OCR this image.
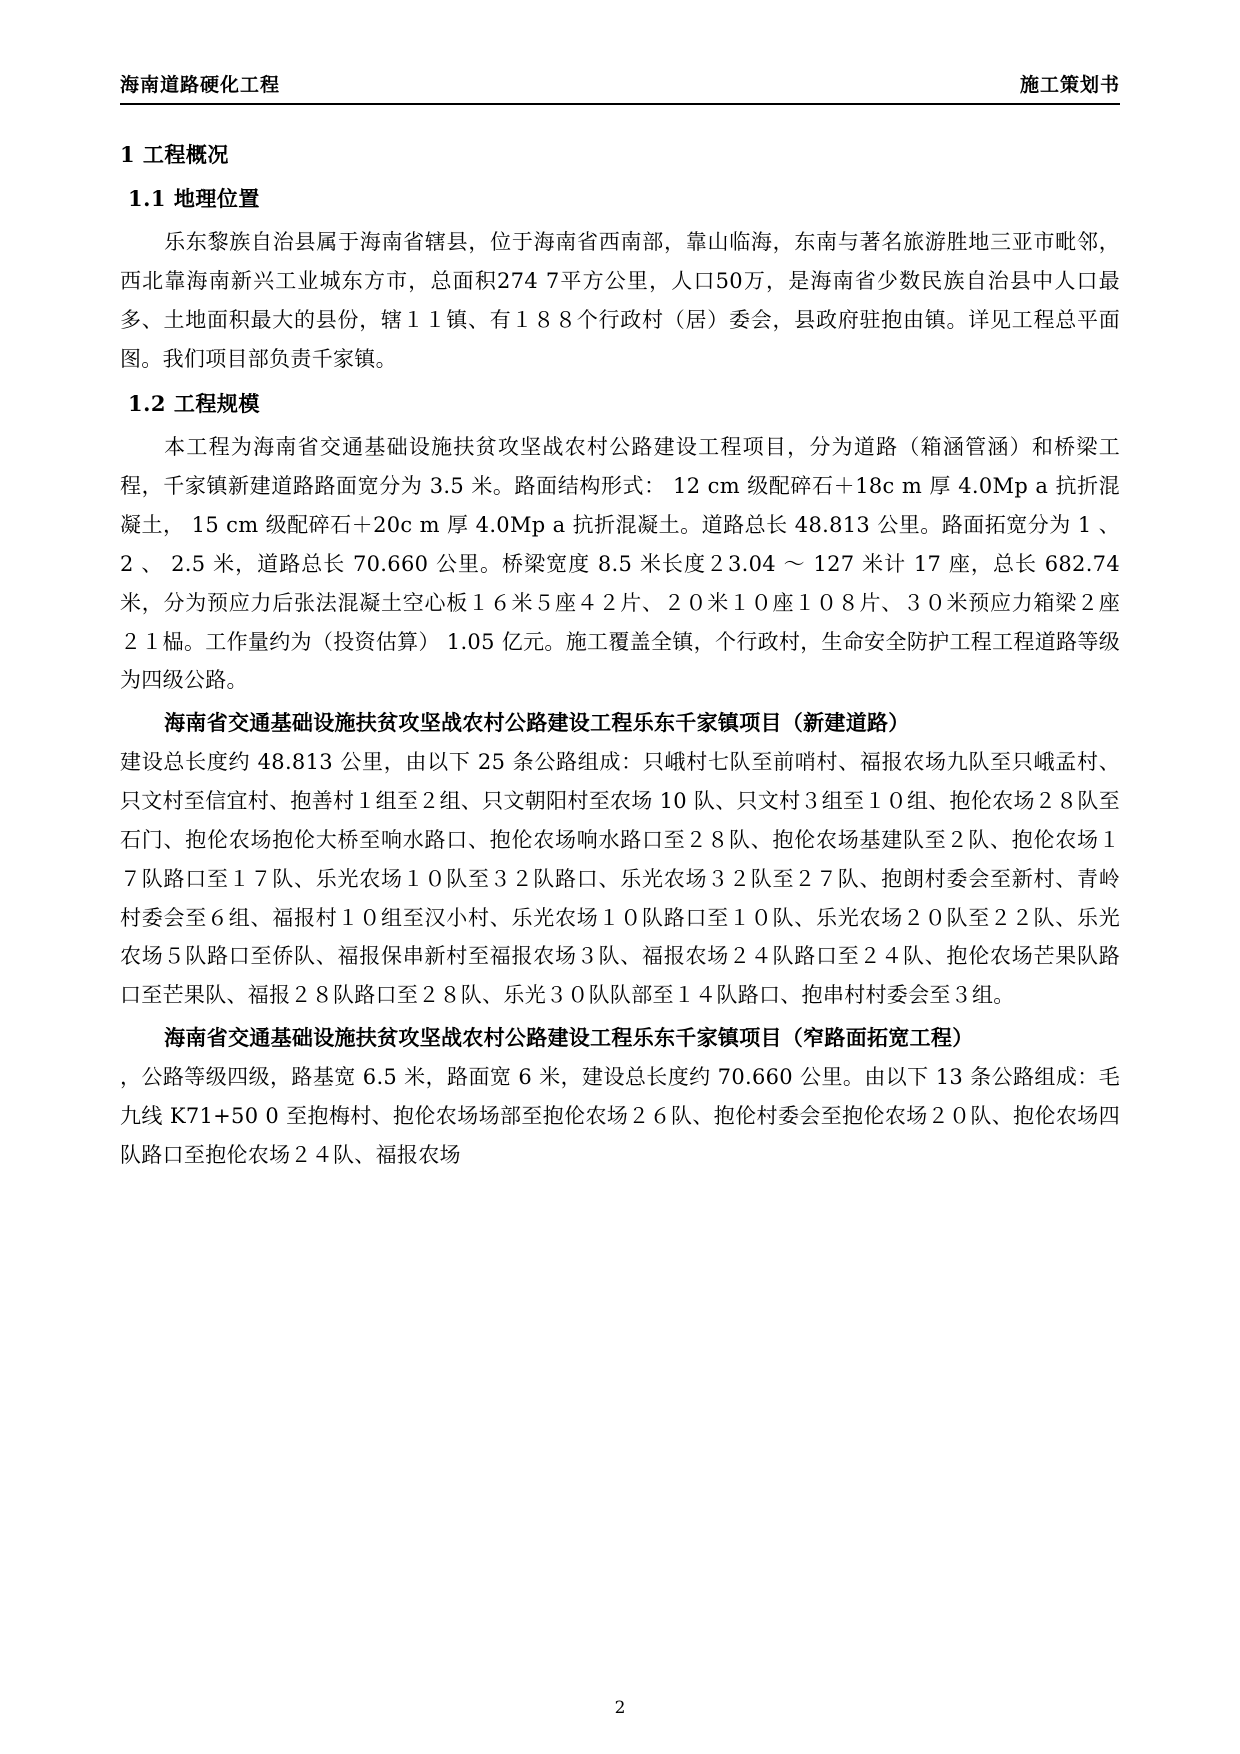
海南道路硬化工程	施工策划书
1 工程概况
1.1 地理位置

乐东黎族自治县属于海南省辖县，位于海南省西南部，靠山临海，东南与著名旅游胜地三亚市毗邻，西北靠海南新兴工业城东方市，总面积274 7平方公里，人口50万，是海南省少数民族自治县中人口最多、土地面积最大的县份，辖１１镇、有１８８个行政村（居）委会，县政府驻抱由镇。详见工程总平面图。我们项目部负责千家镇。

1.2 工程规模

本工程为海南省交通基础设施扶贫攻坚战农村公路建设工程项目，分为道路（箱涵管涵）和桥梁工程，千家镇新建道路路面宽分为 3.5 米。路面结构形式： 12 cm 级配碎石＋18c m 厚 4.0Mp a 抗折混凝土， 15 cm 级配碎石＋20c m 厚 4.0Mp a 抗折混凝土。道路总长 48.813 公里。路面拓宽分为 1 、 2 、 2.5 米，道路总长 70.660 公里。桥梁宽度 8.5 米长度２3.04 ～ 127 米计 17 座，总长 682.74 米，分为预应力后张法混凝土空心板１６米５座４２片、２０米１０座１０８片、３０米预应力箱梁２座２１榀。工作量约为（投资估算） 1.05 亿元。施工覆盖全镇，个行政村，生命安全防护工程工程道路等级为四级公路。

海南省交通基础设施扶贫攻坚战农村公路建设工程乐东千家镇项目（新建道路）

建设总长度约 48.813 公里，由以下 25 条公路组成：只峨村七队至前哨村、福报农场九队至只峨孟村、只文村至信宜村、抱善村１组至２组、只文朝阳村至农场 10 队、只文村３组至１０组、抱伦农场２８队至石门、抱伦农场抱伦大桥至响水路口、抱伦农场响水路口至２８队、抱伦农场基建队至２队、抱伦农场１７队路口至１７队、乐光农场１０队至３２队路口、乐光农场３２队至２７队、抱朗村委会至新村、青岭村委会至６组、福报村１０组至汉小村、乐光农场１０队路口至１０队、乐光农场２０队至２２队、乐光农场５队路口至侨队、福报保串新村至福报农场３队、福报农场２４队路口至２４队、抱伦农场芒果队路口至芒果队、福报２８队路口至２８队、乐光３０队队部至１４队路口、抱串村村委会至３组。

海南省交通基础设施扶贫攻坚战农村公路建设工程乐东千家镇项目（窄路面拓宽工程）

，公路等级四级，路基宽 6.5 米，路面宽 6 米，建设总长度约 70.660 公里。由以下 13 条公路组成：毛九线 K71+50 0 至抱梅村、抱伦农场场部至抱伦农场２６队、抱伦村委会至抱伦农场２０队、抱伦农场四队路口至抱伦农场２４队、福报农场

2
